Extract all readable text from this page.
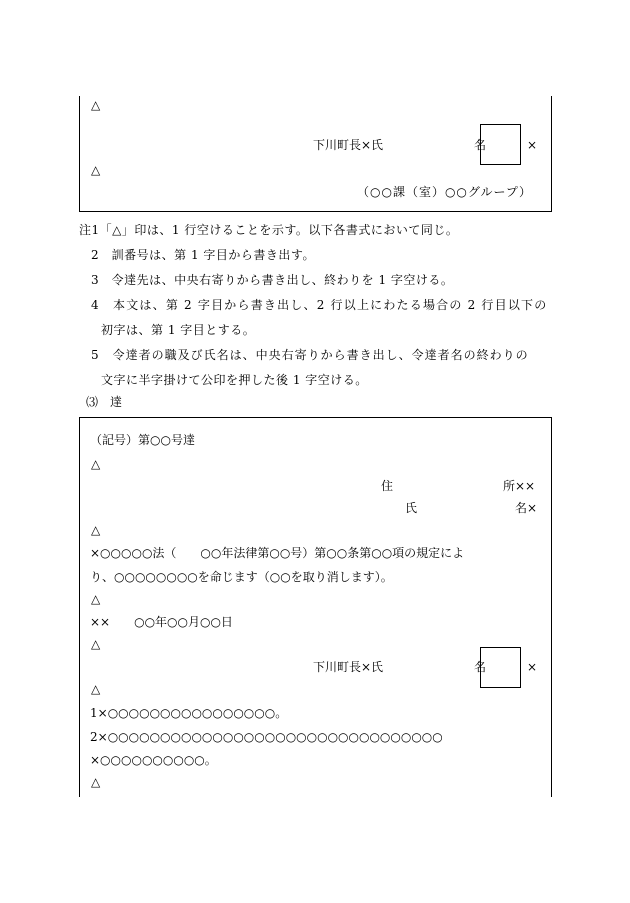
△
下川町長×氏	名	×
△
（○○課（室）○○グループ）
注1「△」印は、1 行空けることを示す。以下各書式において同じ。
2　訓番号は、第 1 字目から書き出す。
3　令達先は、中央右寄りから書き出し、終わりを 1 字空ける。
4　本文は、第 2 字目から書き出し、2 行以上にわたる場合の 2 行目以下の
初字は、第 1 字目とする。
5　令達者の職及び氏名は、中央右寄りから書き出し、令達者名の終わりの
文字に半字掛けて公印を押した後 1 字空ける。
⑶　達
（記号）第○○号達
△
住	所××
氏	名×
△
×○○○○○法（　　○○年法律第○○号）第○○条第○○項の規定によ
り、○○○○○○○○を命じます（○○を取り消します）。
△
××　　○○年○○月○○日
△
下川町長×氏	名	×
△
1×○○○○○○○○○○○○○○○○。
2×○○○○○○○○○○○○○○○○○○○○○○○○○○○○○○○○
×○○○○○○○○○○。
△
